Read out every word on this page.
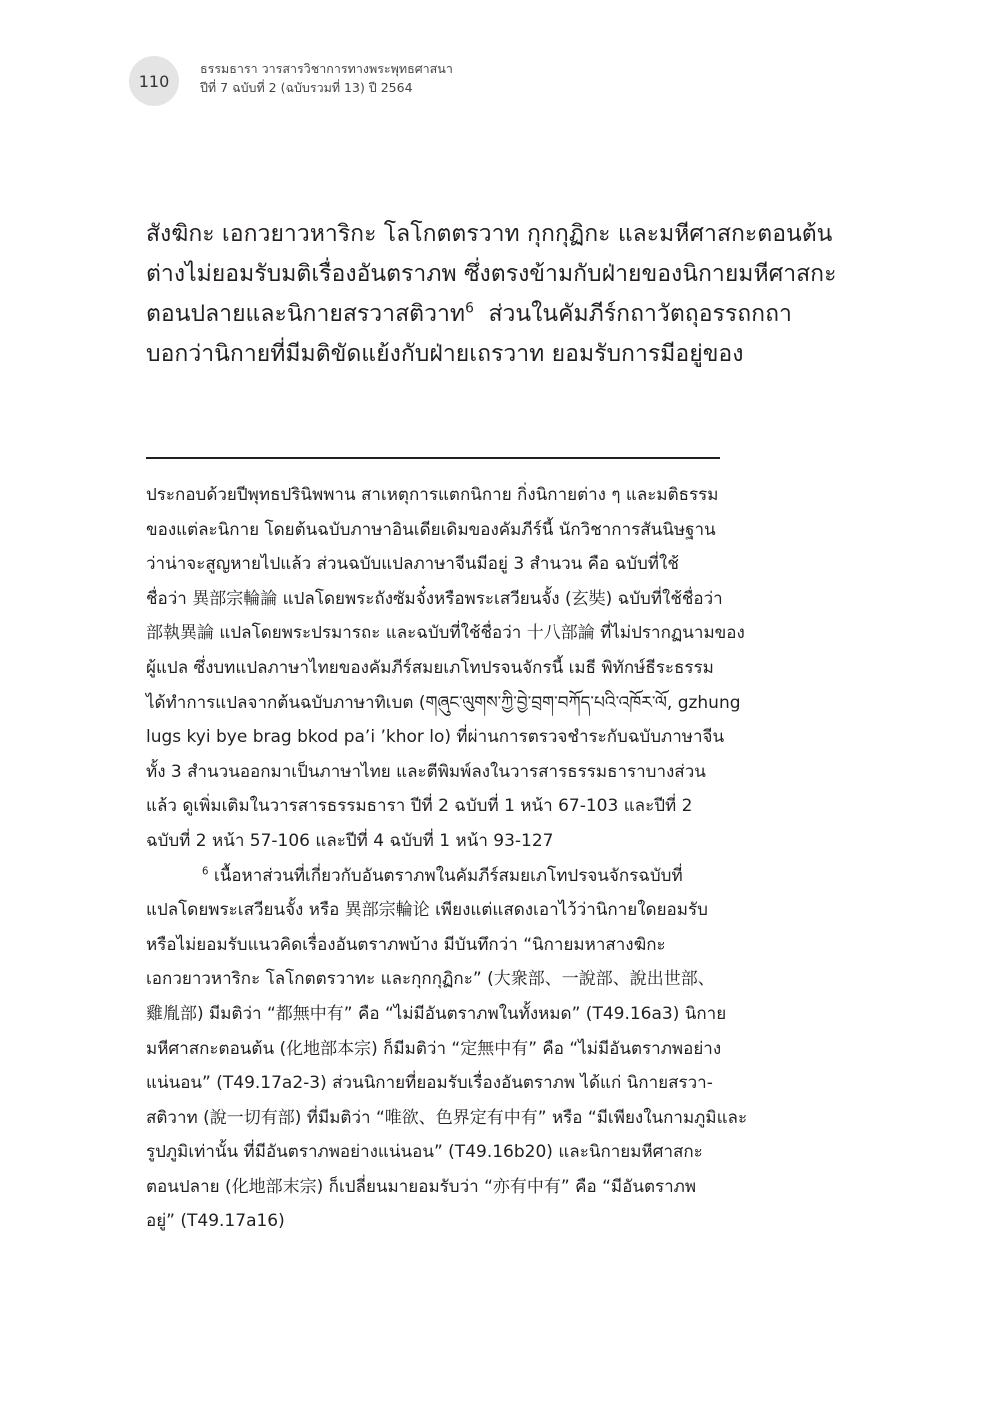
110
ธรรมธารา วารสารวิชาการทางพระพุทธศาสนา
ปีที่ 7 ฉบับที่ 2 (ฉบับรวมที่ 13) ปี 2564
สังฆิกะ เอกวยาวหาริกะ โลโกตตรวาท กุกกุฏิกะ และมหีศาสกะตอนต้น
ต่างไม่ยอมรับมติเรื่องอันตราภพ ซึ่งตรงข้ามกับฝ่ายของนิกายมหีศาสกะ
ตอนปลายและนิกายสรวาสติวาท$^6$ ส่วนในคัมภีร์กถาวัตถุอรรถกถา
บอกว่านิกายที่มีมติขัดแย้งกับฝ่ายเถรวาท ยอมรับการมีอยู่ของ
ประกอบด้วยปีพุทธปรินิพพาน สาเหตุการแตกนิกาย กิ่งนิกายต่าง ๆ และมติธรรม
ของแต่ละนิกาย โดยต้นฉบับภาษาอินเดียเดิมของคัมภีร์นี้ นักวิชาการสันนิษฐาน
ว่าน่าจะสูญหายไปแล้ว ส่วนฉบับแปลภาษาจีนมีอยู่ 3 สำนวน คือ ฉบับที่ใช้
ชื่อว่า 異部宗輪論 แปลโดยพระถังซัมจั๋งหรือพระเสวียนจั้ง (玄奘) ฉบับที่ใช้ชื่อว่า
部執異論 แปลโดยพระปรมารถะ และฉบับที่ใช้ชื่อว่า 十八部論 ที่ไม่ปรากฏนามของ
ผู้แปล ซึ่งบทแปลภาษาไทยของคัมภีร์สมยเภโทปรจนจักรนี้ เมธี พิทักษ์ธีระธรรม
ได้ทำการแปลจากต้นฉบับภาษาทิเบต (གཞུང་ལུགས་ཀྱི་བྱེ་བྲག་བཀོད་པའི་འཁོར་ལོ, gzhung
lugs kyi bye brag bkod pa’i ’khor lo) ที่ผ่านการตรวจชำระกับฉบับภาษาจีน
ทั้ง 3 สำนวนออกมาเป็นภาษาไทย และตีพิมพ์ลงในวารสารธรรมธาราบางส่วน
แล้ว ดูเพิ่มเติมในวารสารธรรมธารา ปีที่ 2 ฉบับที่ 1 หน้า 67-103 และปีที่ 2
ฉบับที่ 2 หน้า 57-106 และปีที่ 4 ฉบับที่ 1 หน้า 93-127
$^6$ เนื้อหาส่วนที่เกี่ยวกับอันตราภพในคัมภีร์สมยเภโทปรจนจักรฉบับที่
แปลโดยพระเสวียนจั้ง หรือ 異部宗輪论 เพียงแต่แสดงเอาไว้ว่านิกายใดยอมรับ
หรือไม่ยอมรับแนวคิดเรื่องอันตราภพบ้าง มีบันทึกว่า “นิกายมหาสางฆิกะ
เอกวยาวหาริกะ โลโกตตรวาทะ และกุกกุฏิกะ” (大衆部、一說部、說出世部、
雞胤部) มีมติว่า “都無中有” คือ “ไม่มีอันตราภพในทั้งหมด” (T49.16a3) นิกาย
มหีศาสกะตอนต้น (化地部本宗) ก็มีมติว่า “定無中有” คือ “ไม่มีอันตราภพอย่าง
แน่นอน” (T49.17a2-3) ส่วนนิกายที่ยอมรับเรื่องอันตราภพ ได้แก่ นิกายสรวา-
สติวาท (說一切有部) ที่มีมติว่า “唯欲、色界定有中有” หรือ “มีเพียงในกามภูมิและ
รูปภูมิเท่านั้น ที่มีอันตราภพอย่างแน่นอน” (T49.16b20) และนิกายมหีศาสกะ
ตอนปลาย (化地部末宗) ก็เปลี่ยนมายอมรับว่า “亦有中有” คือ “มีอันตราภพ
อยู่” (T49.17a16)
